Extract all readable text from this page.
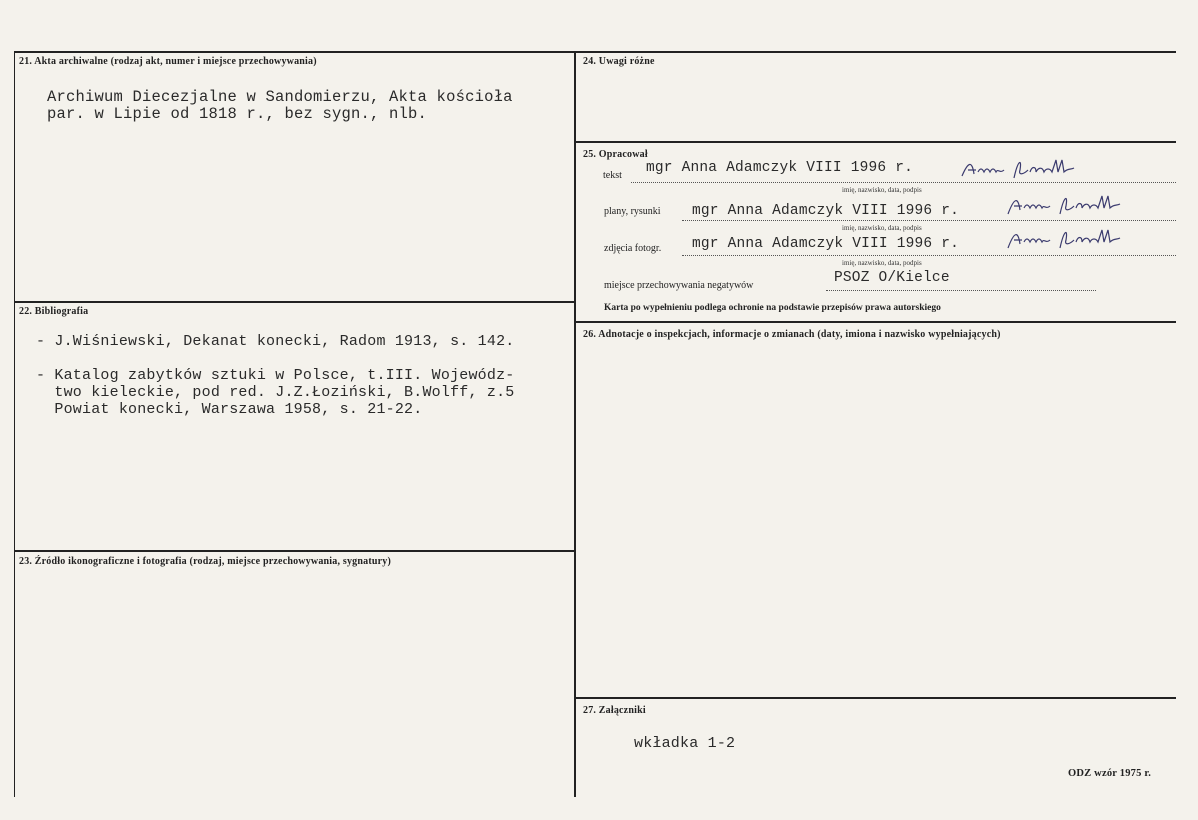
21. Akta archiwalne (rodzaj akt, numer i miejsce przechowywania)
Archiwum Diecezjalne w Sandomierzu, Akta kościoła
par. w Lipie od 1818 r., bez sygn., nlb.
22. Bibliografia
- J.Wiśniewski, Dekanat konecki, Radom 1913, s. 142.
- Katalog zabytków sztuki w Polsce, t.III. Wojewódz-
two kieleckie, pod red. J.Z.Łoziński, B.Wolff, z.5
Powiat konecki, Warszawa 1958, s. 21-22.
23. Źródło ikonograficzne i fotografia (rodzaj, miejsce przechowywania, sygnatury)
24. Uwagi różne
25. Opracował
tekst mgr Anna Adamczyk VIII 1996 r.
imię, nazwisko, data, podpis
plany, rysunki mgr Anna Adamczyk VIII 1996 r.
imię, nazwisko, data, podpis
zdjęcia fotogr. mgr Anna Adamczyk VIII 1996 r.
imię, nazwisko, data, podpis
miejsce przechowywania negatywów	PSOZ O/Kielce
Karta po wypełnieniu podlega ochronie na podstawie przepisów prawa autorskiego
26. Adnotacje o inspekcjach, informacje o zmianach (daty, imiona i nazwisko wypełniających)
27. Załączniki
wkładka 1-2
ODZ wzór 1975 r.
